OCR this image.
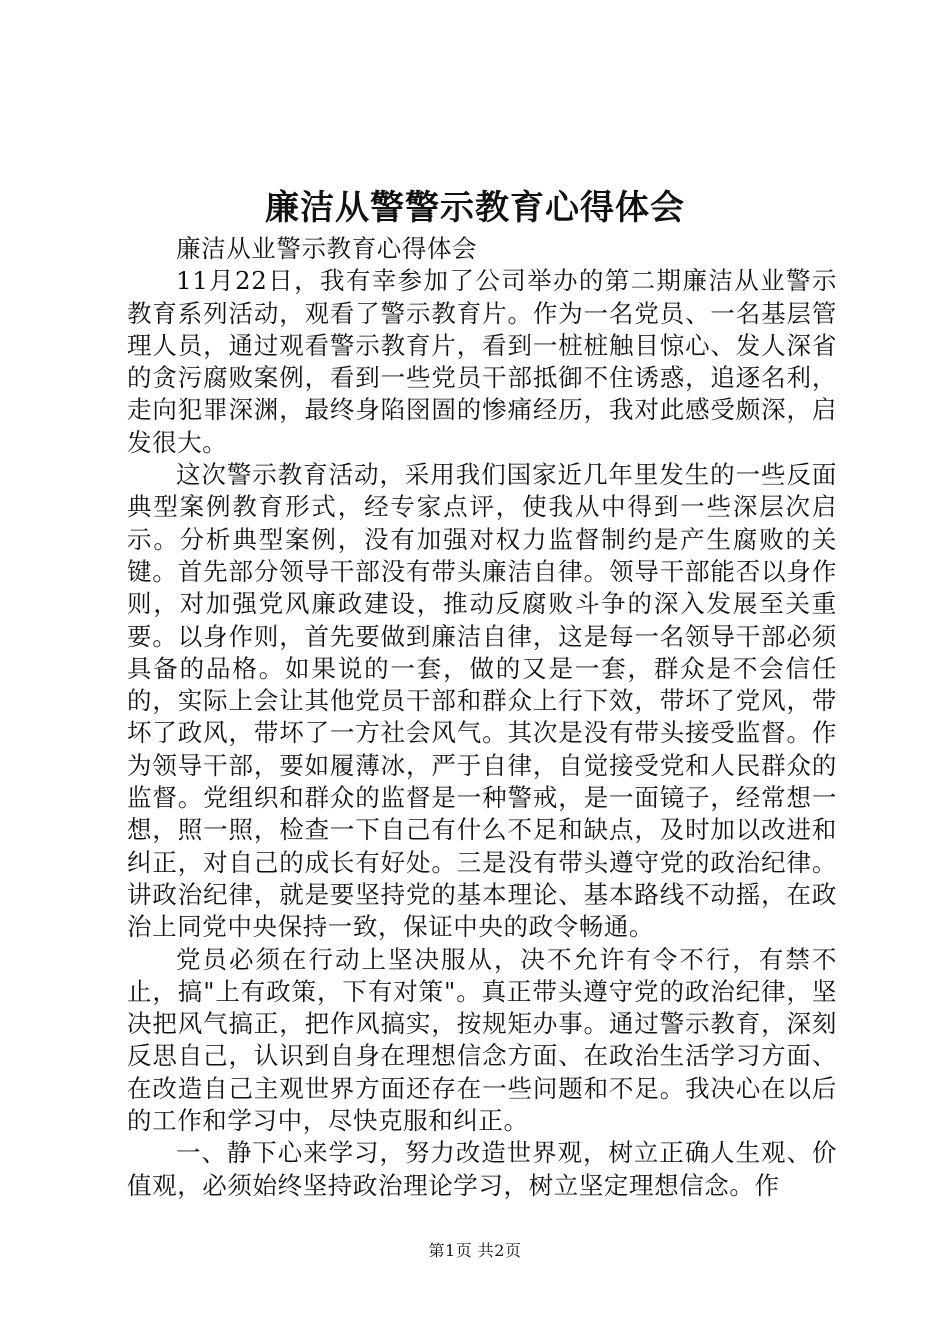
廉洁从警警示教育心得体会

廉洁从业警示教育心得体会

11月22日，我有幸参加了公司举办的第二期廉洁从业警示教育系列活动，观看了警示教育片。作为一名党员、一名基层管理人员，通过观看警示教育片，看到一桩桩触目惊心、发人深省的贪污腐败案例，看到一些党员干部抵御不住诱惑，追逐名利，走向犯罪深渊，最终身陷囹圄的惨痛经历，我对此感受颇深，启发很大。

这次警示教育活动，采用我们国家近几年里发生的一些反面典型案例教育形式，经专家点评，使我从中得到一些深层次启示。分析典型案例，没有加强对权力监督制约是产生腐败的关键。首先部分领导干部没有带头廉洁自律。领导干部能否以身作则，对加强党风廉政建设，推动反腐败斗争的深入发展至关重要。以身作则，首先要做到廉洁自律，这是每一名领导干部必须具备的品格。如果说的一套，做的又是一套，群众是不会信任的，实际上会让其他党员干部和群众上行下效，带坏了党风，带坏了政风，带坏了一方社会风气。其次是没有带头接受监督。作为领导干部，要如履薄冰，严于自律，自觉接受党和人民群众的监督。党组织和群众的监督是一种警戒，是一面镜子，经常想一想，照一照，检查一下自己有什么不足和缺点，及时加以改进和纠正，对自己的成长有好处。三是没有带头遵守党的政治纪律。讲政治纪律，就是要坚持党的基本理论、基本路线不动摇，在政治上同党中央保持一致，保证中央的政令畅通。

党员必须在行动上坚决服从，决不允许有令不行，有禁不止，搞"上有政策，下有对策"。真正带头遵守党的政治纪律，坚决把风气搞正，把作风搞实，按规矩办事。通过警示教育，深刻反思自己，认识到自身在理想信念方面、在政治生活学习方面、在改造自己主观世界方面还存在一些问题和不足。我决心在以后的工作和学习中，尽快克服和纠正。

一、静下心来学习，努力改造世界观，树立正确人生观、价值观，必须始终坚持政治理论学习，树立坚定理想信念。作

第1页 共2页
